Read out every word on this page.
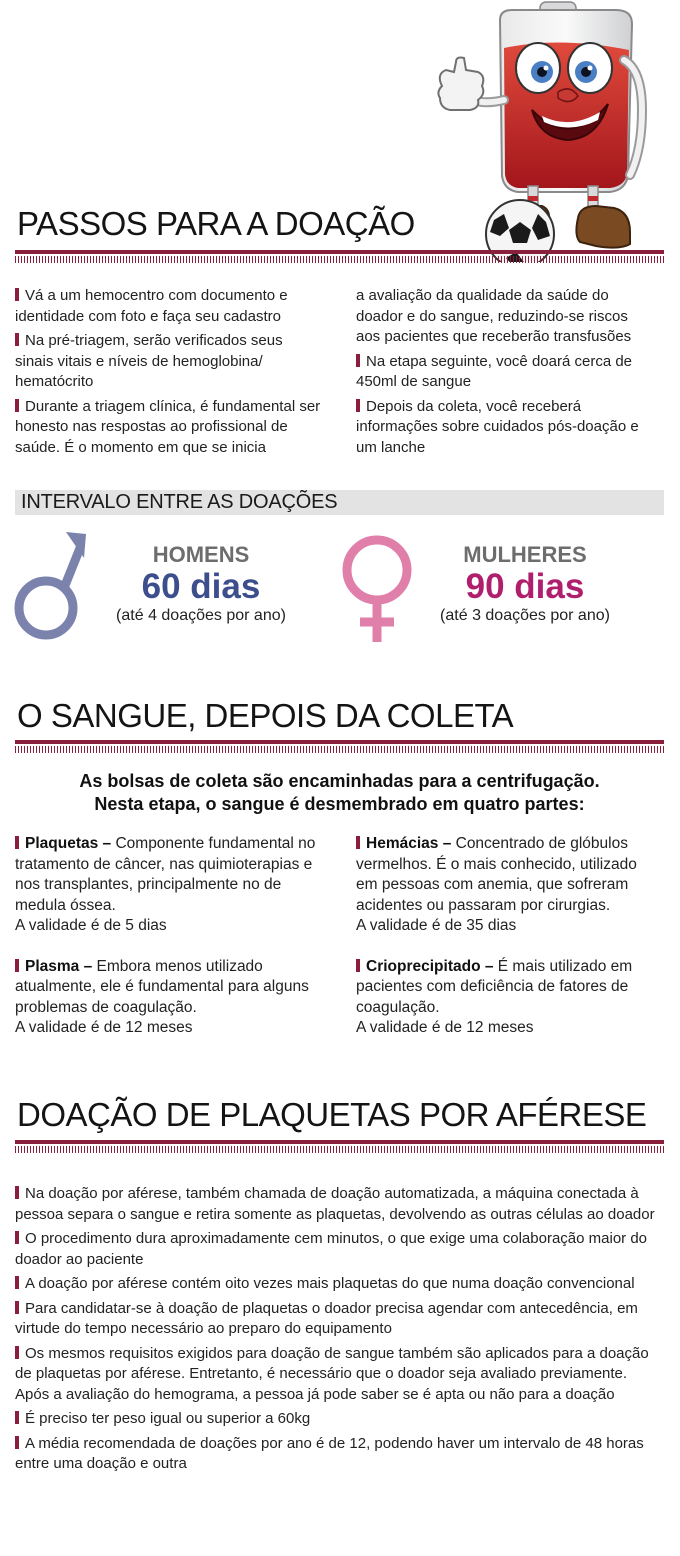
PASSOS PARA A DOAÇÃO
Vá a um hemocentro com documento e identidade com foto e faça seu cadastro
Na pré-triagem, serão verificados seus sinais vitais e níveis de hemoglobina/ hematócrito
Durante a triagem clínica, é fundamental ser honesto nas respostas ao profissional de saúde. É o momento em que se inicia
a avaliação da qualidade da saúde do doador e do sangue, reduzindo-se riscos aos pacientes que receberão transfusões
Na etapa seguinte, você doará cerca de 450ml de sangue
Depois da coleta, você receberá informações sobre cuidados pós-doação e um lanche
INTERVALO ENTRE AS DOAÇÕES
HOMENS
60 dias
(até 4 doações por ano)
MULHERES
90 dias
(até 3 doações por ano)
O SANGUE, DEPOIS DA COLETA
As bolsas de coleta são encaminhadas para a centrifugação.
Nesta etapa, o sangue é desmembrado em quatro partes:
Plaquetas – Componente fundamental no tratamento de câncer, nas quimioterapias e nos transplantes, principalmente no de medula óssea.
A validade é de 5 dias
Plasma – Embora menos utilizado atualmente, ele é fundamental para alguns problemas de coagulação.
A validade é de 12 meses
Hemácias – Concentrado de glóbulos vermelhos. É o mais conhecido, utilizado em pessoas com anemia, que sofreram acidentes ou passaram por cirurgias.
A validade é de 35 dias
Crioprecipitado – É mais utilizado em pacientes com deficiência de fatores de coagulação.
A validade é de 12 meses
DOAÇÃO DE PLAQUETAS POR AFÉRESE
Na doação por aférese, também chamada de doação automatizada, a máquina conectada à pessoa separa o sangue e retira somente as plaquetas, devolvendo as outras células ao doador
O procedimento dura aproximadamente cem minutos, o que exige uma colaboração maior do doador ao paciente
A doação por aférese contém oito vezes mais plaquetas do que numa doação convencional
Para candidatar-se à doação de plaquetas o doador precisa agendar com antecedência, em virtude do tempo necessário ao preparo do equipamento
Os mesmos requisitos exigidos para doação de sangue também são aplicados para a doação de plaquetas por aférese. Entretanto, é necessário que o doador seja avaliado previamente. Após a avaliação do hemograma, a pessoa já pode saber se é apta ou não para a doação
É preciso ter peso igual ou superior a 60kg
A média recomendada de doações por ano é de 12, podendo haver um intervalo de 48 horas entre uma doação e outra
